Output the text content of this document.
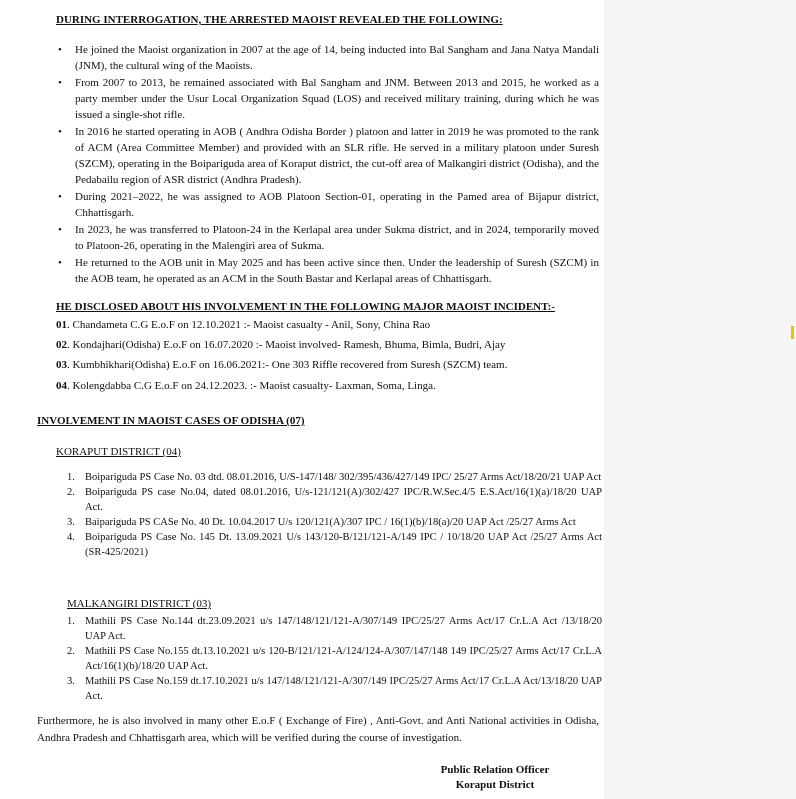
DURING INTERROGATION, THE ARRESTED MAOIST REVEALED THE FOLLOWING:

• He joined the Maoist organization in 2007 at the age of 14, being inducted into Bal Sangham and Jana Natya Mandali (JNM), the cultural wing of the Maoists.
• From 2007 to 2013, he remained associated with Bal Sangham and JNM. Between 2013 and 2015, he worked as a party member under the Usur Local Organization Squad (LOS) and received military training, during which he was issued a single-shot rifle.
• In 2016 he started operating in AOB ( Andhra Odisha Border ) platoon and latter in 2019 he was promoted to the rank of ACM (Area Committee Member) and provided with an SLR rifle. He served in a military platoon under Suresh (SZCM), operating in the Boipariguda area of Koraput district, the cut-off area of Malkangiri district (Odisha), and the Pedabailu region of ASR district (Andhra Pradesh).
• During 2021–2022, he was assigned to AOB Platoon Section-01, operating in the Pamed area of Bijapur district, Chhattisgarh.
• In 2023, he was transferred to Platoon-24 in the Kerlapal area under Sukma district, and in 2024, temporarily moved to Platoon-26, operating in the Malengiri area of Sukma.
• He returned to the AOB unit in May 2025 and has been active since then. Under the leadership of Suresh (SZCM) in the AOB team, he operated as an ACM in the South Bastar and Kerlapal areas of Chhattisgarh.

HE DISCLOSED ABOUT HIS INVOLVEMENT IN THE FOLLOWING MAJOR MAOIST INCIDENT:-

01. Chandameta C.G E.o.F on 12.10.2021 :- Maoist casualty - Anil, Sony, China Rao
02. Kondajhari(Odisha) E.o.F on 16.07.2020 :- Maoist involved- Ramesh, Bhuma, Bimla, Budri, Ajay
03. Kumbhikhari(Odisha) E.o.F on 16.06.2021:- One 303 Riffle recovered from Suresh (SZCM) team.
04. Kolengdabba C.G E.o.F on 24.12.2023. :- Maoist casualty- Laxman, Soma, Linga.

INVOLVEMENT IN MAOIST CASES OF ODISHA (07)

KORAPUT DISTRICT (04)

1. Boipariguda PS Case No. 03 dtd. 08.01.2016, U/S-147/148/ 302/395/436/427/149 IPC/ 25/27 Arms Act/18/20/21 UAP Act
2. Boipariguda PS case No.04, dated 08.01.2016, U/s-121/121(A)/302/427 IPC/R.W.Sec.4/5 E.S.Act/16(1)(a)/18/20 UAP Act.
3. Baipariguda PS CASe No. 40 Dt. 10.04.2017 U/s 120/121(A)/307 IPC / 16(1)(b)/18(a)/20 UAP Act /25/27 Arms Act
4. Boipariguda PS Case No. 145 Dt. 13.09.2021 U/s 143/120-B/121/121-A/149 IPC / 10/18/20 UAP Act /25/27 Arms Act (SR-425/2021)

MALKANGIRI DISTRICT (03)

1. Mathili PS Case No.144 dt.23.09.2021 u/s 147/148/121/121-A/307/149 IPC/25/27 Arms Act/17 Cr.L.A Act /13/18/20 UAP Act.
2. Mathili PS Case No.155 dt.13.10.2021 u/s 120-B/121/121-A/124/124-A/307/147/148 149 IPC/25/27 Arms Act/17 Cr.L.A Act/16(1)(b)/18/20 UAP Act.
3. Mathili PS Case No.159 dt.17.10.2021 u/s 147/148/121/121-A/307/149 IPC/25/27 Arms Act/17 Cr.L.A Act/13/18/20 UAP Act.

Furthermore, he is also involved in many other E.o.F ( Exchange of Fire) , Anti-Govt. and Anti National activities in Odisha, Andhra Pradesh and Chhattisgarh area, which will be verified during the course of investigation.

Public Relation Officer

Koraput District
